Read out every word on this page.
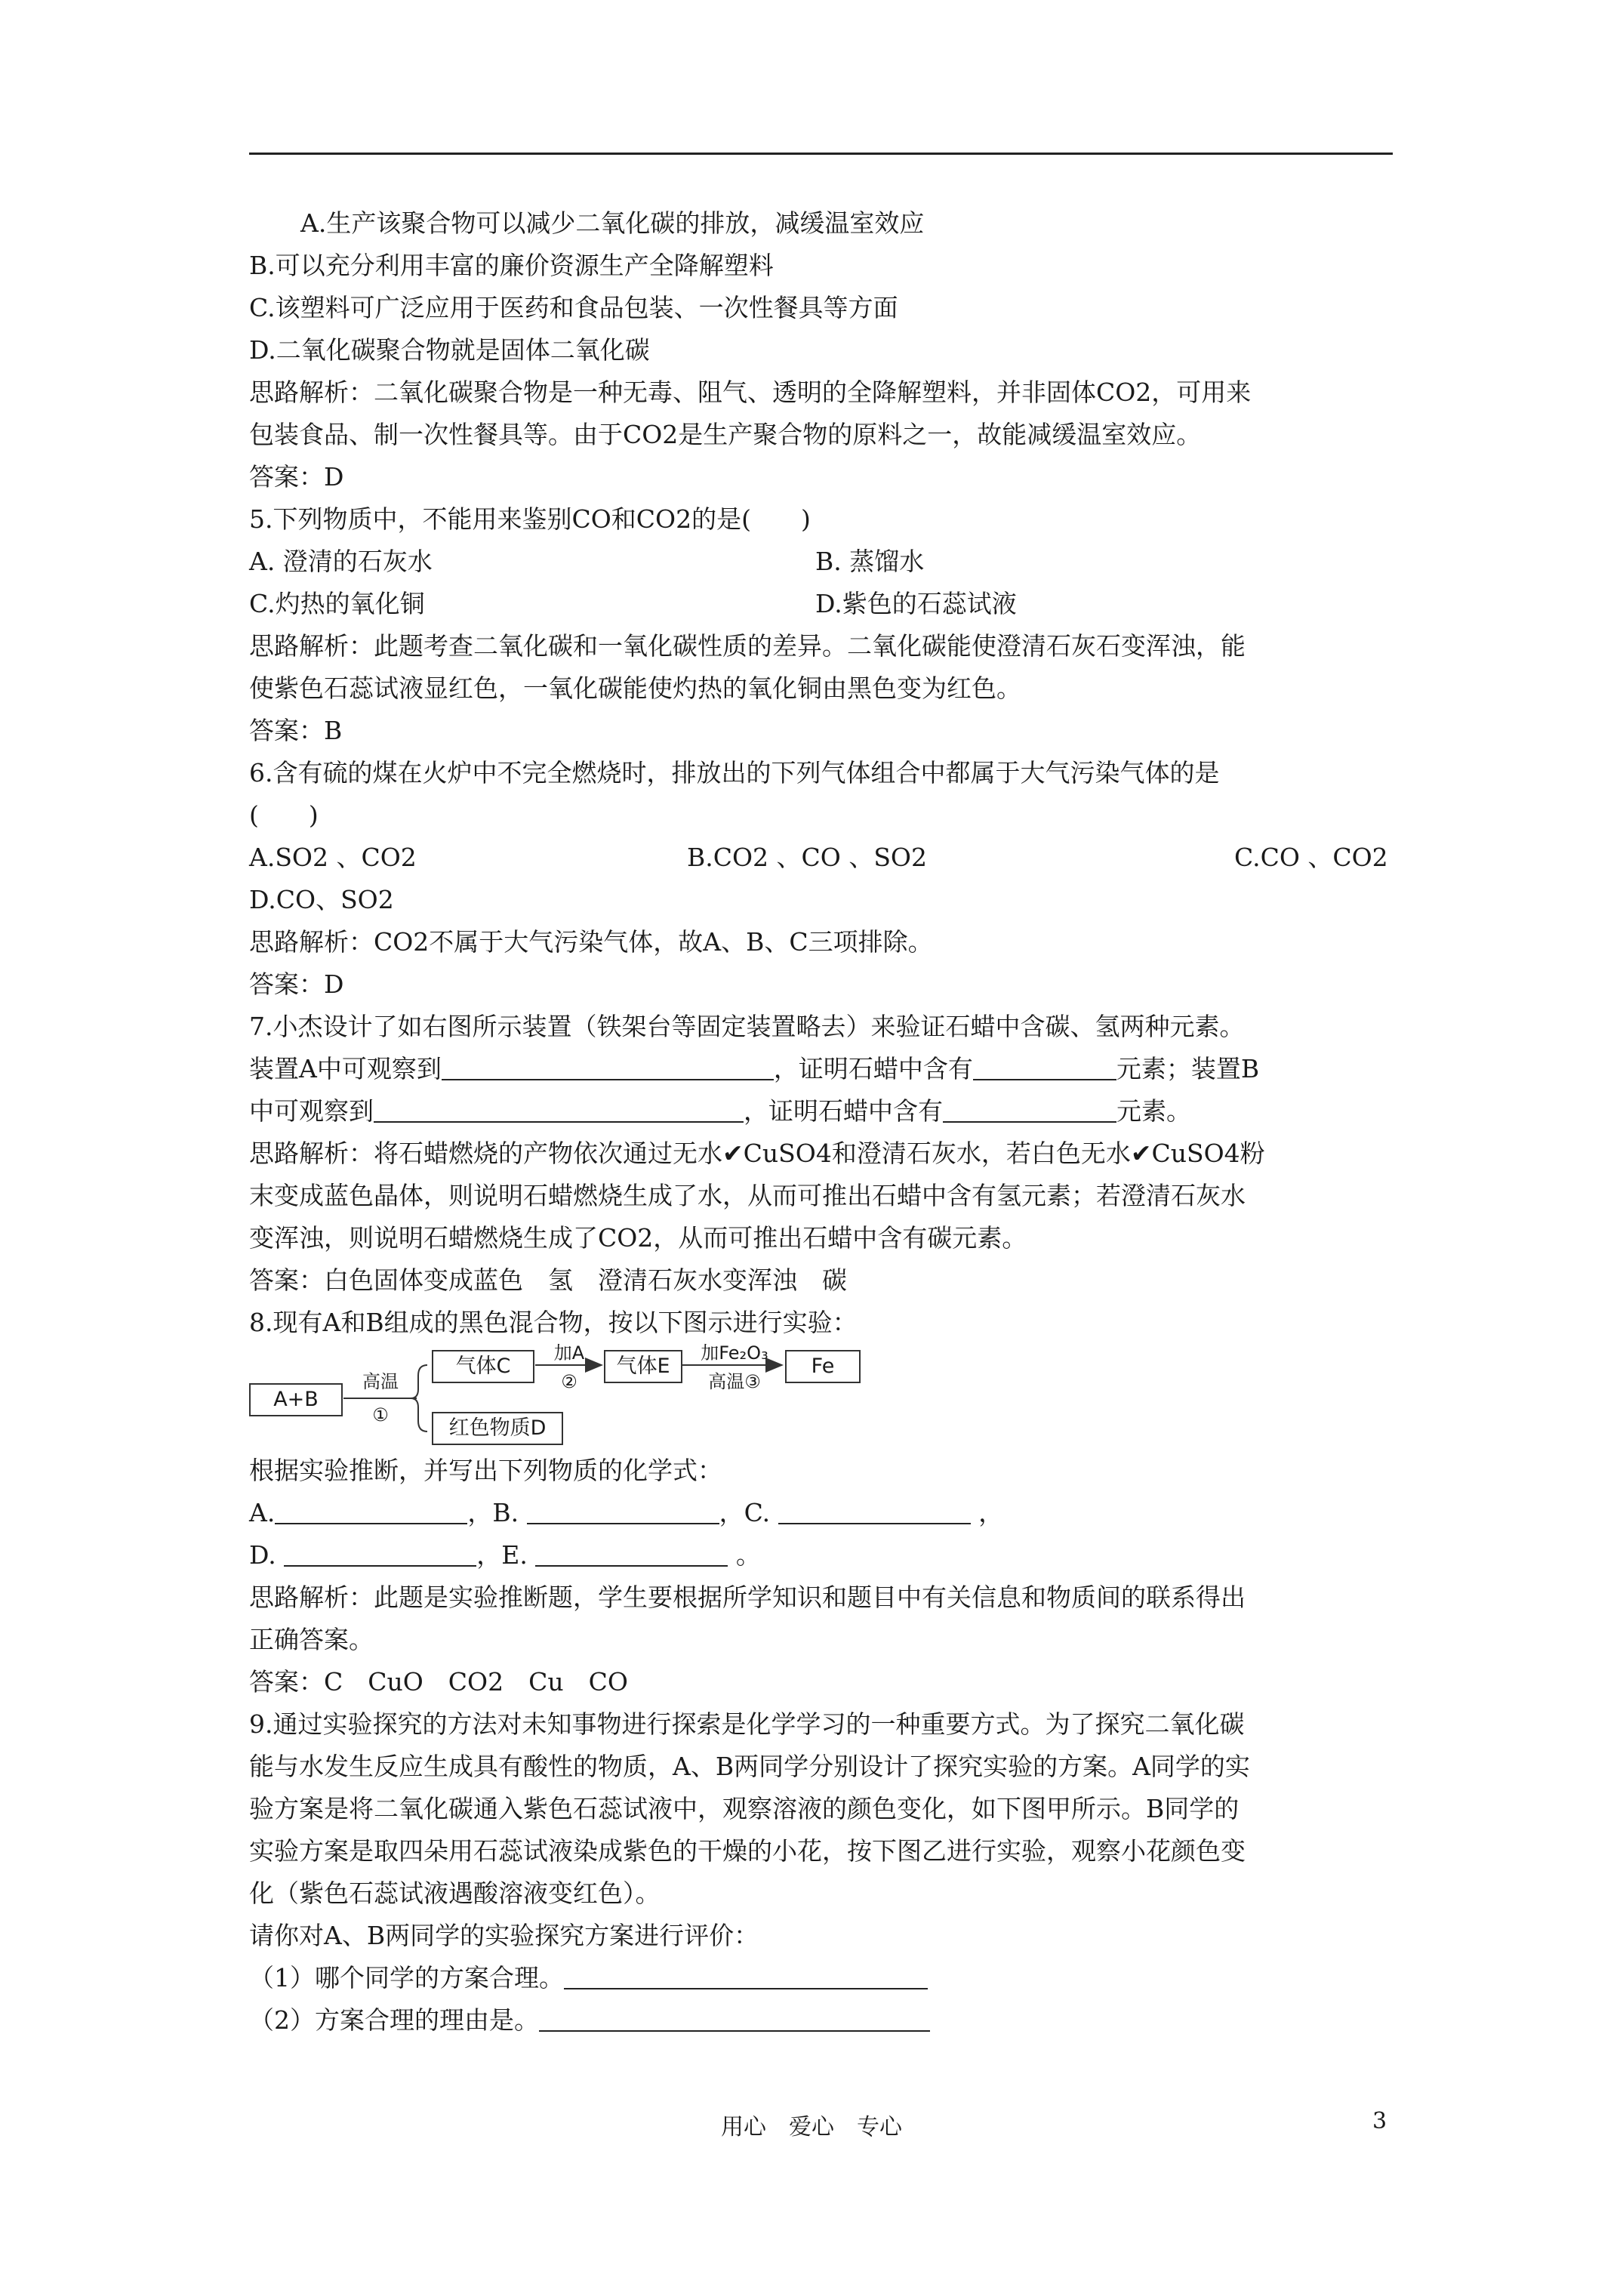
A.生产该聚合物可以减少二氧化碳的排放，减缓温室效应

B.可以充分利用丰富的廉价资源生产全降解塑料

C.该塑料可广泛应用于医药和食品包装、一次性餐具等方面

D.二氧化碳聚合物就是固体二氧化碳

思路解析：二氧化碳聚合物是一种无毒、阻气、透明的全降解塑料，并非固体CO2，可用来

包装食品、制一次性餐具等。由于CO2是生产聚合物的原料之一，故能减缓温室效应。

答案：D

5.下列物质中，不能用来鉴别CO和CO2的是(　　)

A. 澄清的石灰水	B. 蒸馏水

C.灼热的氧化铜	D.紫色的石蕊试液

思路解析：此题考查二氧化碳和一氧化碳性质的差异。二氧化碳能使澄清石灰石变浑浊，能

使紫色石蕊试液显红色，一氧化碳能使灼热的氧化铜由黑色变为红色。

答案：B

6.含有硫的煤在火炉中不完全燃烧时，排放出的下列气体组合中都属于大气污染气体的是

(　　)

A.SO2 、CO2	B.CO2 、CO 、SO2	C.CO 、CO2

D.CO、SO2

思路解析：CO2不属于大气污染气体，故A、B、C三项排除。

答案：D

7.小杰设计了如右图所示装置（铁架台等固定装置略去）来验证石蜡中含碳、氢两种元素。

装置A中可观察到	，证明石蜡中含有	元素；装置B

中可观察到	，证明石蜡中含有	元素。

思路解析：将石蜡燃烧的产物依次通过无水✔CuSO4和澄清石灰水，若白色无水✔CuSO4粉

末变成蓝色晶体，则说明石蜡燃烧生成了水，从而可推出石蜡中含有氢元素；若澄清石灰水

变浑浊，则说明石蜡燃烧生成了CO2，从而可推出石蜡中含有碳元素。

答案：白色固体变成蓝色　氢　澄清石灰水变浑浊　碳

8.现有A和B组成的黑色混合物，按以下图示进行实验：

A+B
高温
①
气体C
加A
②
气体E
加Fe₂O₃
高温③
Fe
红色物质D

根据实验推断，并写出下列物质的化学式：

A.	，B.	，C.	，

D.	，E.	。

思路解析：此题是实验推断题，学生要根据所学知识和题目中有关信息和物质间的联系得出

正确答案。

答案：C　CuO　CO2　Cu　CO

9.通过实验探究的方法对未知事物进行探索是化学学习的一种重要方式。为了探究二氧化碳

能与水发生反应生成具有酸性的物质，A、B两同学分别设计了探究实验的方案。A同学的实

验方案是将二氧化碳通入紫色石蕊试液中，观察溶液的颜色变化，如下图甲所示。B同学的

实验方案是取四朵用石蕊试液染成紫色的干燥的小花，按下图乙进行实验，观察小花颜色变

化（紫色石蕊试液遇酸溶液变红色）。

请你对A、B两同学的实验探究方案进行评价：

（1）哪个同学的方案合理。

（2）方案合理的理由是。

用心　爱心　专心	3
